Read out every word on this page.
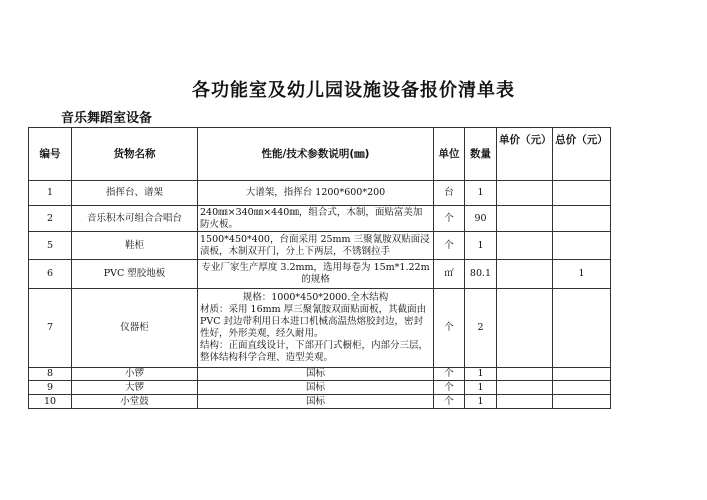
各功能室及幼儿园设施设备报价清单表
音乐舞蹈室设备
编号	货物名称	性能/技术参数说明(㎜)	单位	数量	单价（元）	总价（元）
1	指挥台、谱架	大谱架，指挥台 1200*600*200	台	1		
2	音乐积木可组合合唱台	240㎜×340㎜×440㎜，组合式，木制，面贴富美加防火板。	个	90		
5	鞋柜	1500*450*400，台面采用 25mm 三聚氰胺双贴面浸渍板，木制双开门，分上下两层，不锈钢拉手	个	1		
6	PVC 塑胶地板	专业厂家生产厚度 3.2mm，选用每卷为 15m*1.22m 的规格	㎡	80.1		1
7	仪器柜	规格：1000*450*2000.全木结构
材质：采用 16mm 厚三聚氰胺双面贴面板，其截面由 PVC 封边带利用日本进口机械高温热熔胶封边，密封性好，外形美观，经久耐用。
结构：正面直线设计，下部开门式橱柜，内部分三层，整体结构科学合理、造型美观。	个	2		
8	小锣	国标	个	1		
9	大锣	国标	个	1		
10	小堂鼓	国标	个	1		
